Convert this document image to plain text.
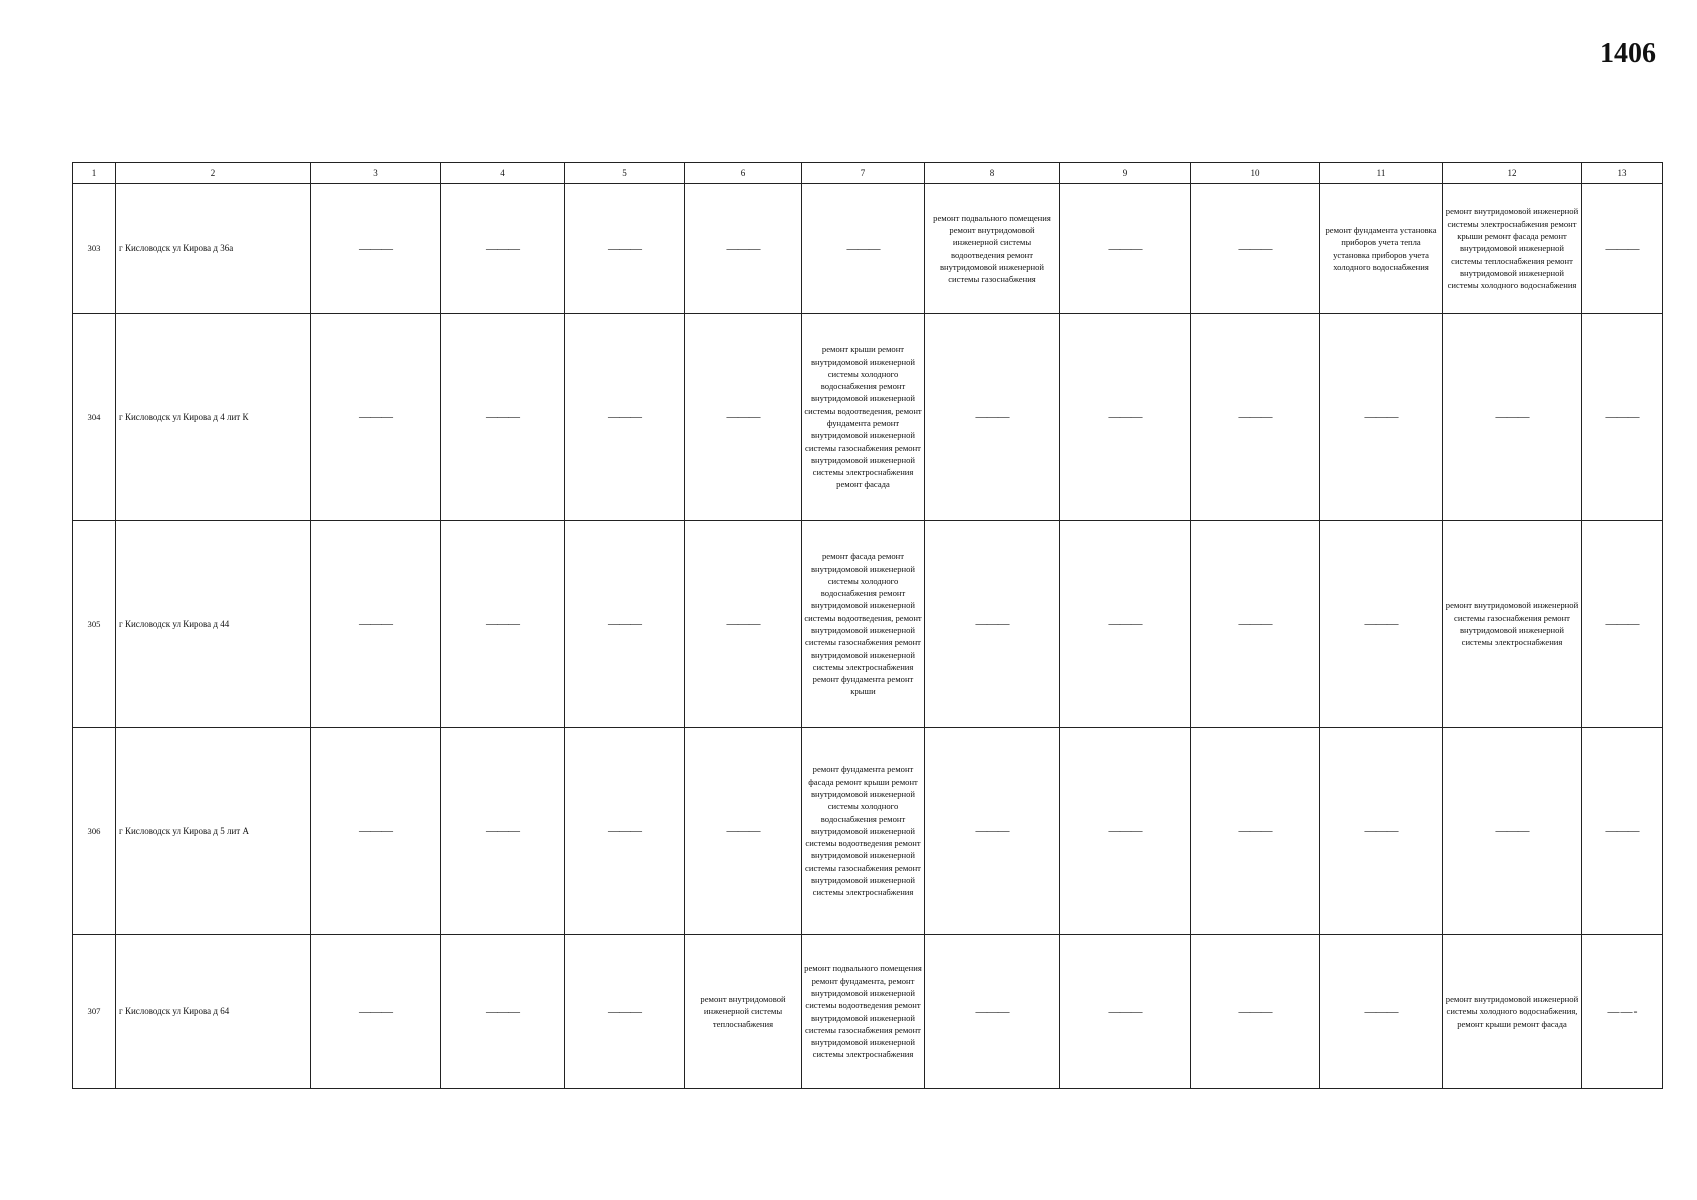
1406
1	2	3	4	5	6	7	8	9	10	11	12	13
303	г Кисловодск ул Кирова д 36а	———	———	———	———	———	ремонт подвального помещения ремонт внутридомовой инженерной системы водоотведения ремонт внутридомовой инженерной системы газоснабжения	———	———	ремонт фундамента установка приборов учета тепла установка приборов учета холодного водоснабжения	ремонт внутридомовой инженерной системы электроснабжения ремонт крыши ремонт фасада ремонт внутридомовой инженерной системы теплоснабжения ремонт внутридомовой инженерной системы холодного водоснабжения	———
304	г Кисловодск ул Кирова д 4 лит К	———	———	———	———	ремонт крыши ремонт внутридомовой инженерной системы холодного водоснабжения ремонт внутридомовой инженерной системы водоотведения, ремонт фундамента ремонт внутридомовой инженерной системы газоснабжения ремонт внутридомовой инженерной системы электроснабжения ремонт фасада	———	———	———	———	———	———
305	г Кисловодск ул Кирова д 44	———	———	———	———	ремонт фасада ремонт внутридомовой инженерной системы холодного водоснабжения ремонт внутридомовой инженерной системы водоотведения, ремонт внутридомовой инженерной системы газоснабжения ремонт внутридомовой инженерной системы электроснабжения ремонт фундамента ремонт крыши	———	———	———	———	ремонт внутридомовой инженерной системы газоснабжения ремонт внутридомовой инженерной системы электроснабжения	———
306	г Кисловодск ул Кирова д 5 лит А	———	———	———	———	ремонт фундамента ремонт фасада ремонт крыши ремонт внутридомовой инженерной системы холодного водоснабжения ремонт внутридомовой инженерной системы водоотведения ремонт внутридомовой инженерной системы газоснабжения ремонт внутридомовой инженерной системы электроснабжения	———	———	———	———	———	———
307	г Кисловодск ул Кирова д 64	———	———	———	ремонт внутридомовой инженерной системы теплоснабжения	ремонт подвального помещения ремонт фундамента, ремонт внутридомовой инженерной системы водоотведения ремонт внутридомовой инженерной системы газоснабжения ремонт внутридомовой инженерной системы электроснабжения	———	———	———	———	ремонт внутридомовой инженерной системы холодного водоснабжения, ремонт крыши ремонт фасада	— — -
